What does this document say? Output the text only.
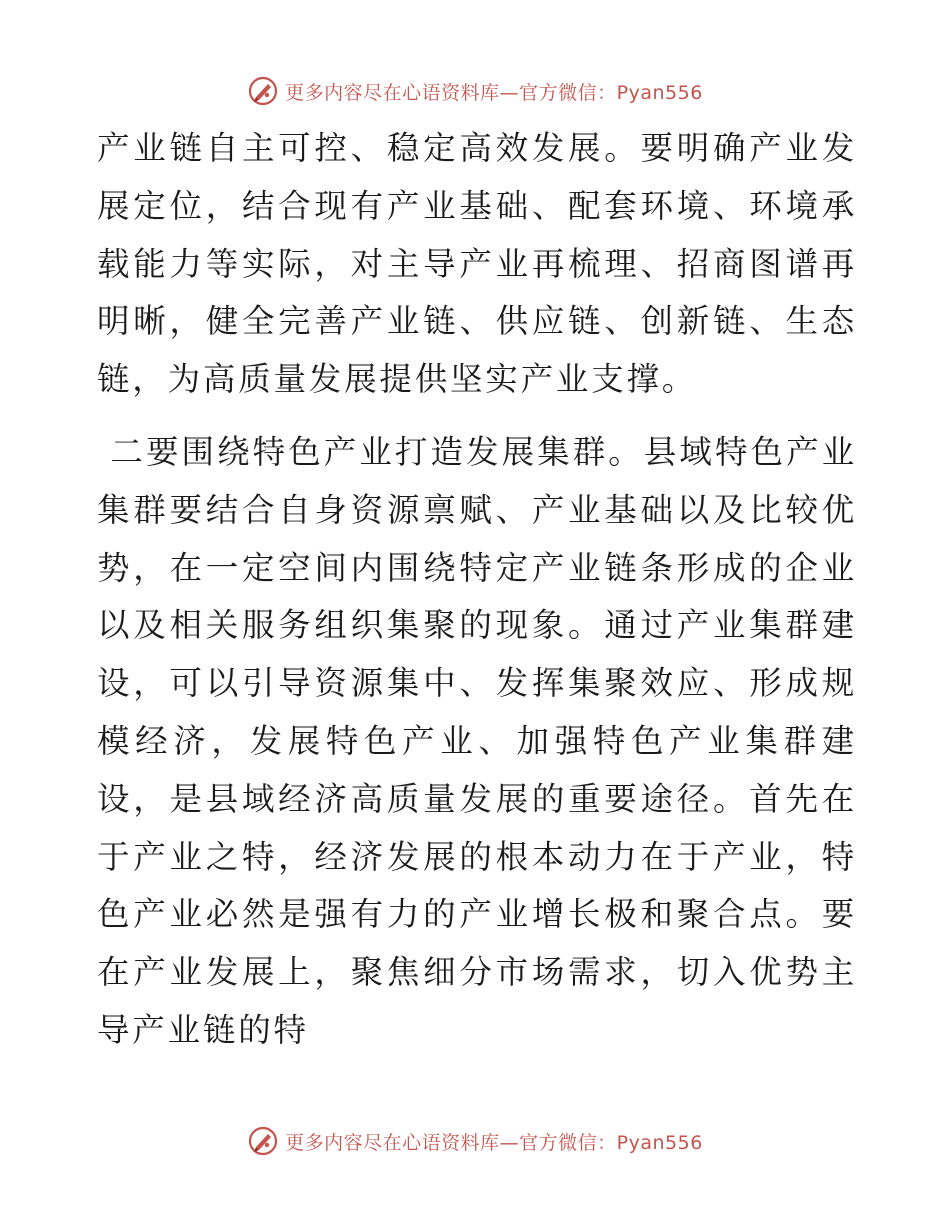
更多内容尽在心语资料库—官方微信：Pyan556

产业链自主可控、稳定高效发展。要明确产业发展定位，结合现有产业基础、配套环境、环境承载能力等实际，对主导产业再梳理、招商图谱再明晰，健全完善产业链、供应链、创新链、生态链，为高质量发展提供坚实产业支撑。

二要围绕特色产业打造发展集群。县域特色产业集群要结合自身资源禀赋、产业基础以及比较优势，在一定空间内围绕特定产业链条形成的企业以及相关服务组织集聚的现象。通过产业集群建设，可以引导资源集中、发挥集聚效应、形成规模经济，发展特色产业、加强特色产业集群建设，是县域经济高质量发展的重要途径。首先在于产业之特，经济发展的根本动力在于产业，特色产业必然是强有力的产业增长极和聚合点。要在产业发展上，聚焦细分市场需求，切入优势主导产业链的特

更多内容尽在心语资料库—官方微信：Pyan556
